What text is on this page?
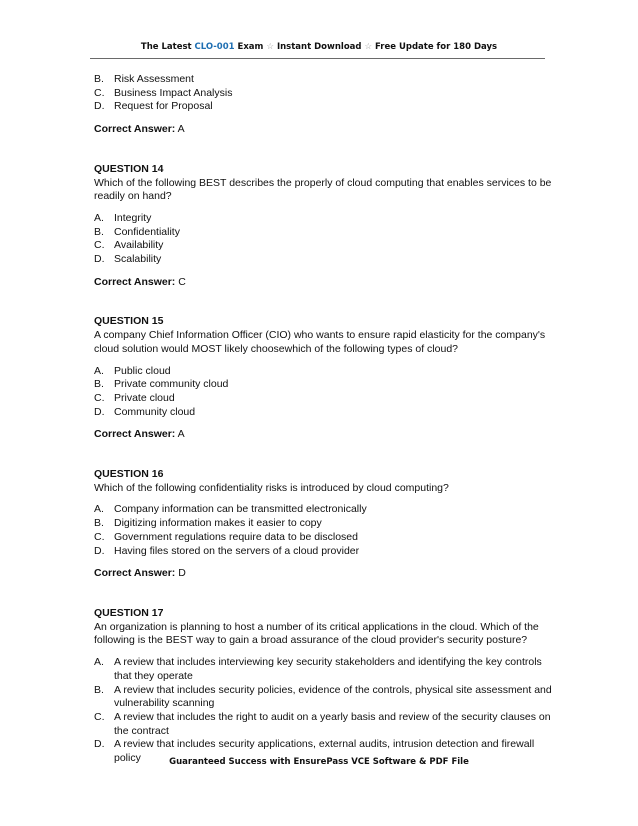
The Latest CLO-001 Exam ☆ Instant Download ☆ Free Update for 180 Days
B. Risk Assessment
C. Business Impact Analysis
D. Request for Proposal
Correct Answer: A
QUESTION 14
Which of the following BEST describes the properly of cloud computing that enables services to be readily on hand?
A. Integrity
B. Confidentiality
C. Availability
D. Scalability
Correct Answer: C
QUESTION 15
A company Chief Information Officer (CIO) who wants to ensure rapid elasticity for the company's cloud solution would MOST likely choosewhich of the following types of cloud?
A. Public cloud
B. Private community cloud
C. Private cloud
D. Community cloud
Correct Answer: A
QUESTION 16
Which of the following confidentiality risks is introduced by cloud computing?
A. Company information can be transmitted electronically
B. Digitizing information makes it easier to copy
C. Government regulations require data to be disclosed
D. Having files stored on the servers of a cloud provider
Correct Answer: D
QUESTION 17
An organization is planning to host a number of its critical applications in the cloud. Which of the following is the BEST way to gain a broad assurance of the cloud provider's security posture?
A. A review that includes interviewing key security stakeholders and identifying the key controls that they operate
B. A review that includes security policies, evidence of the controls, physical site assessment and vulnerability scanning
C. A review that includes the right to audit on a yearly basis and review of the security clauses on the contract
D. A review that includes security applications, external audits, intrusion detection and firewall policy	Guaranteed Success with EnsurePass VCE Software & PDF File
